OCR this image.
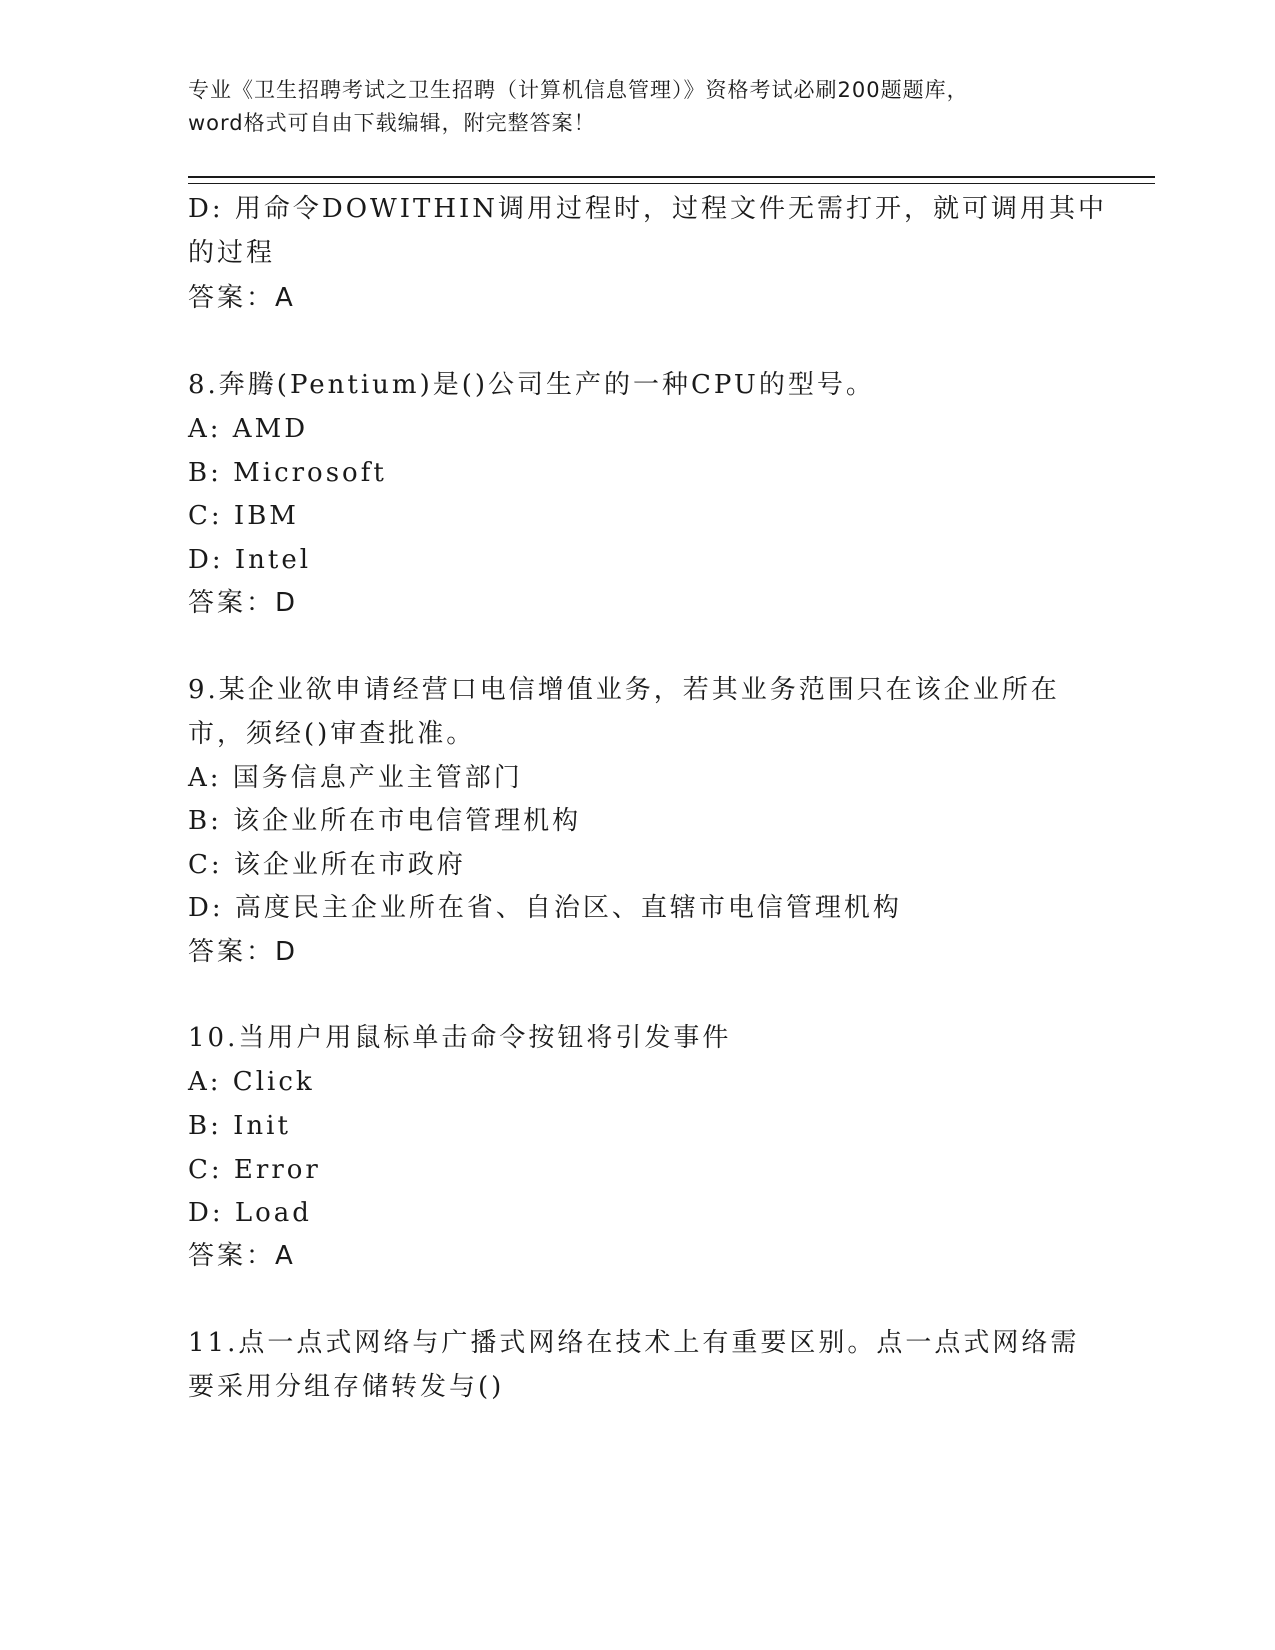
专业《卫生招聘考试之卫生招聘（计算机信息管理）》资格考试必刷200题题库，
word格式可自由下载编辑，附完整答案！
D: 用命令DOWITHIN调用过程时，过程文件无需打开，就可调用其中
的过程
答案：A
8.奔腾(Pentium)是()公司生产的一种CPU的型号。
A: AMD
B: Microsoft
C: IBM
D: Intel
答案：D
9.某企业欲申请经营口电信增值业务，若其业务范围只在该企业所在
市，须经()审查批准。
A: 国务信息产业主管部门
B: 该企业所在市电信管理机构
C: 该企业所在市政府
D: 高度民主企业所在省、自治区、直辖市电信管理机构
答案：D
10.当用户用鼠标单击命令按钮将引发事件
A: Click
B: Init
C: Error
D: Load
答案：A
11.点一点式网络与广播式网络在技术上有重要区别。点一点式网络需
要采用分组存储转发与()
